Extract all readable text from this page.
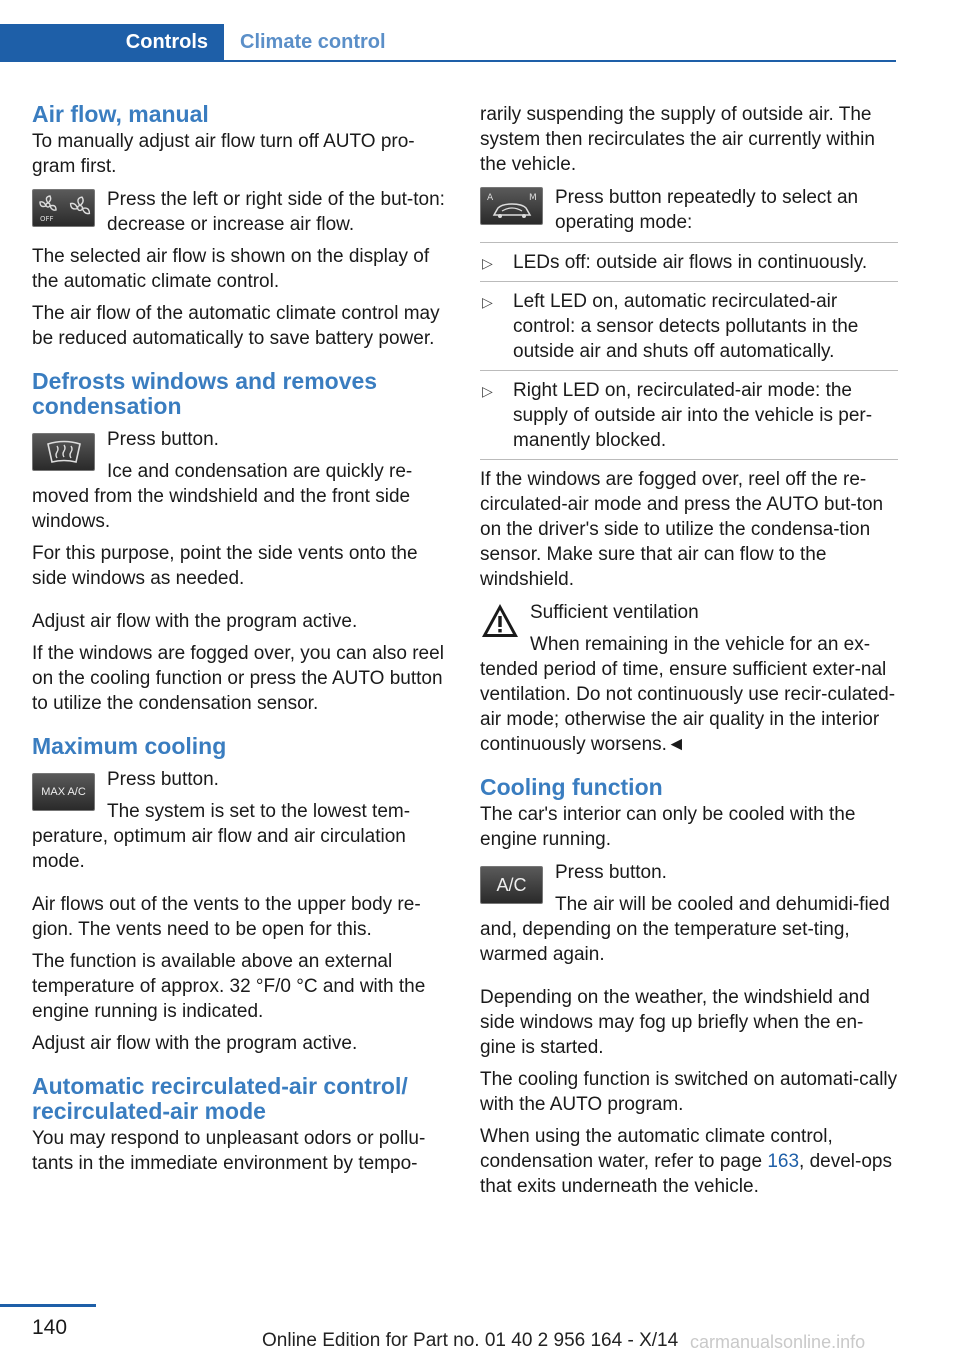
Controls	Climate control
Air flow, manual

To manually adjust air flow turn off AUTO pro-gram first.

OFF
Press the left or right side of the but-ton: decrease or increase air flow.

The selected air flow is shown on the display of the automatic climate control.

The air flow of the automatic climate control may be reduced automatically to save battery power.

Defrosts windows and removes condensation

Press button.

Ice and condensation are quickly re-moved from the windshield and the front side windows.

For this purpose, point the side vents onto the side windows as needed.

Adjust air flow with the program active.

If the windows are fogged over, you can also reel on the cooling function or press the AUTO button to utilize the condensation sensor.

Maximum cooling
MAX A/C

Press button.

The system is set to the lowest tem-perature, optimum air flow and air circulation mode.

Air flows out of the vents to the upper body re-gion. The vents need to be open for this.

The function is available above an external temperature of approx. 32 °F/0 °C and with the engine running is indicated.

Adjust air flow with the program active.

Automatic recirculated-air control/ recirculated-air mode

You may respond to unpleasant odors or pollu-tants in the immediate environment by tempo-

rarily suspending the supply of outside air. The system then recirculates the air currently within the vehicle.

A	M Press button repeatedly to select an operating mode:
▷ LEDs off: outside air flows in continuously.
▷ Left LED on, automatic recirculated-air control: a sensor detects pollutants in the outside air and shuts off automatically.
▷ Right LED on, recirculated-air mode: the supply of outside air into the vehicle is per-manently blocked.

If the windows are fogged over, reel off the re-circulated-air mode and press the AUTO but-ton on the driver's side to utilize the condensa-tion sensor. Make sure that air can flow to the windshield.

Sufficient ventilation

When remaining in the vehicle for an ex-tended period of time, ensure sufficient exter-nal ventilation. Do not continuously use recir-culated-air mode; otherwise the air quality in the interior continuously worsens.◄

Cooling function

The car's interior can only be cooled with the engine running.

A/C

Press button.

The air will be cooled and dehumidi-fied and, depending on the temperature set-ting, warmed again.

Depending on the weather, the windshield and side windows may fog up briefly when the en-gine is started.

The cooling function is switched on automati-cally with the AUTO program.

When using the automatic climate control, condensation water, refer to page 163, devel-ops that exits underneath the vehicle.

140
Online Edition for Part no. 01 40 2 956 164 - X/14 carmanualsonline.info
